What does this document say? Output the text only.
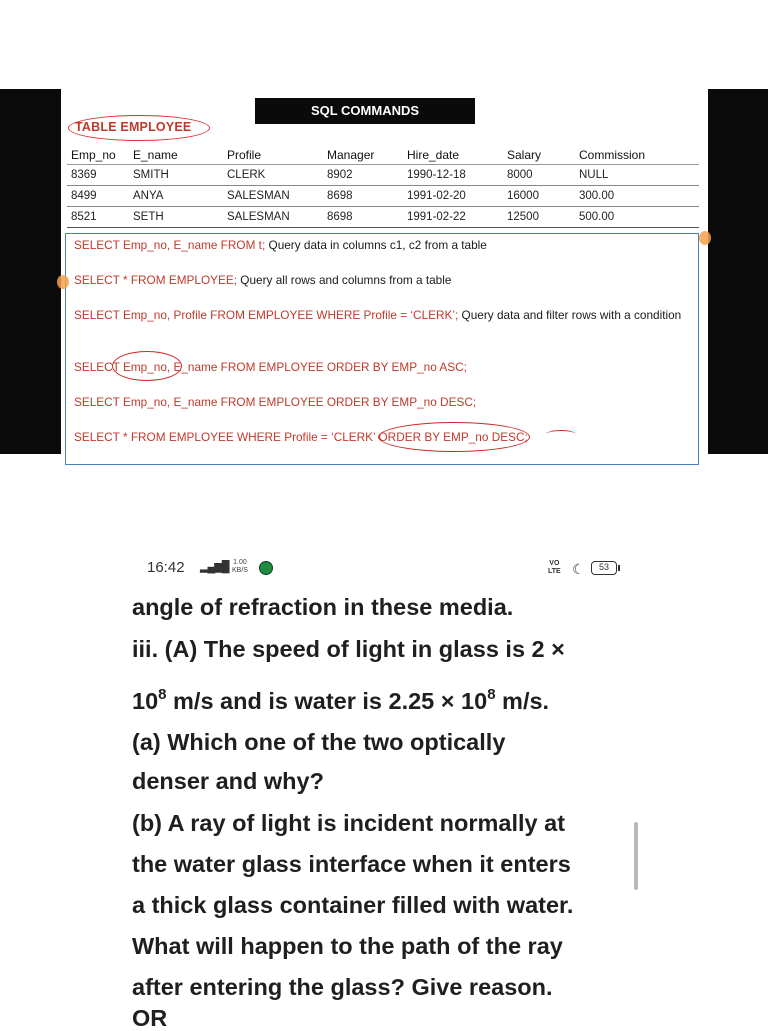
SQL COMMANDS
TABLE EMPLOYEE
Emp_no	E_name	Profile	Manager	Hire_date	Salary	Commission
8369	SMITH	CLERK	8902	1990-12-18	8000	NULL
8499	ANYA	SALESMAN	8698	1991-02-20	16000	300.00
8521	SETH	SALESMAN	8698	1991-02-22	12500	500.00
SELECT Emp_no, E_name FROM t; Query data in columns c1, c2 from a table
SELECT * FROM EMPLOYEE; Query all rows and columns from a table
SELECT Emp_no, Profile FROM EMPLOYEE WHERE Profile = ‘CLERK’; Query data and filter rows with a condition
SELECT Emp_no, E_name FROM EMPLOYEE ORDER BY EMP_no ASC;
SELECT Emp_no, E_name FROM EMPLOYEE ORDER BY EMP_no DESC;
SELECT * FROM EMPLOYEE WHERE Profile = ‘CLERK’ ORDER BY EMP_no DESC;
16:42 ▂▄▆█ 1.00
KB/S
VO
LTE ☾	53
angle of refraction in these media.
iii. (A) The speed of light in glass is 2 ×
$10^8$ m/s and is water is $2.25 \times 10^8$ m/s.
(a) Which one of the two optically
denser and why?
(b) A ray of light is incident normally at
the water glass interface when it enters
a thick glass container filled with water.
What will happen to the path of the ray
after entering the glass? Give reason.
OR
